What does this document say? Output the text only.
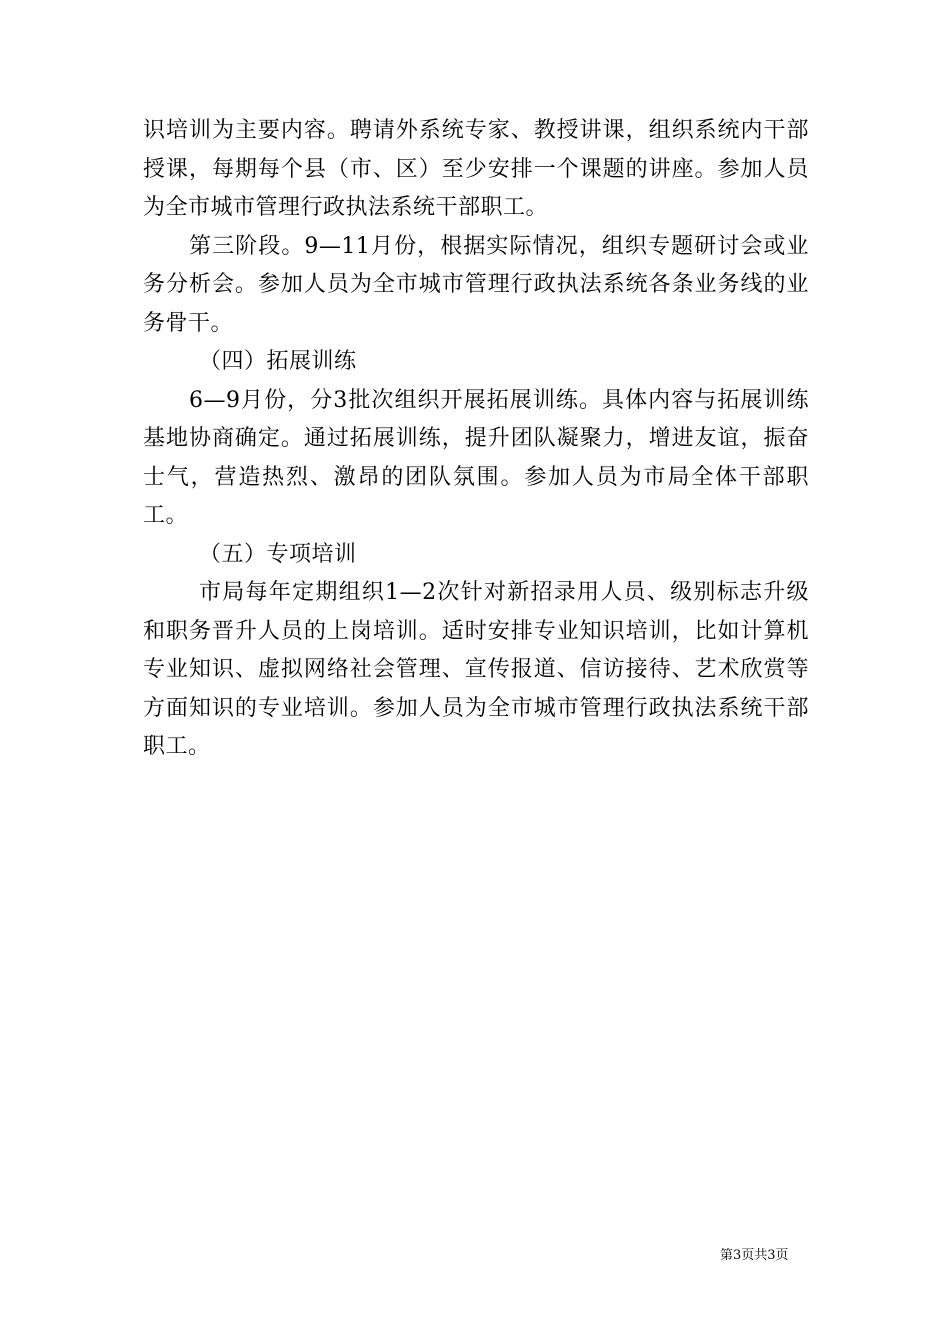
识培训为主要内容。聘请外系统专家、教授讲课，组织系统内干部授课，每期每个县（市、区）至少安排一个课题的讲座。参加人员为全市城市管理行政执法系统干部职工。

第三阶段。9—11月份，根据实际情况，组织专题研讨会或业务分析会。参加人员为全市城市管理行政执法系统各条业务线的业务骨干。

（四）拓展训练

6—9月份，分3批次组织开展拓展训练。具体内容与拓展训练基地协商确定。通过拓展训练，提升团队凝聚力，增进友谊，振奋士气，营造热烈、激昂的团队氛围。参加人员为市局全体干部职工。

（五）专项培训

市局每年定期组织1—2次针对新招录用人员、级别标志升级和职务晋升人员的上岗培训。适时安排专业知识培训，比如计算机专业知识、虚拟网络社会管理、宣传报道、信访接待、艺术欣赏等方面知识的专业培训。参加人员为全市城市管理行政执法系统干部职工。

第3页共3页
